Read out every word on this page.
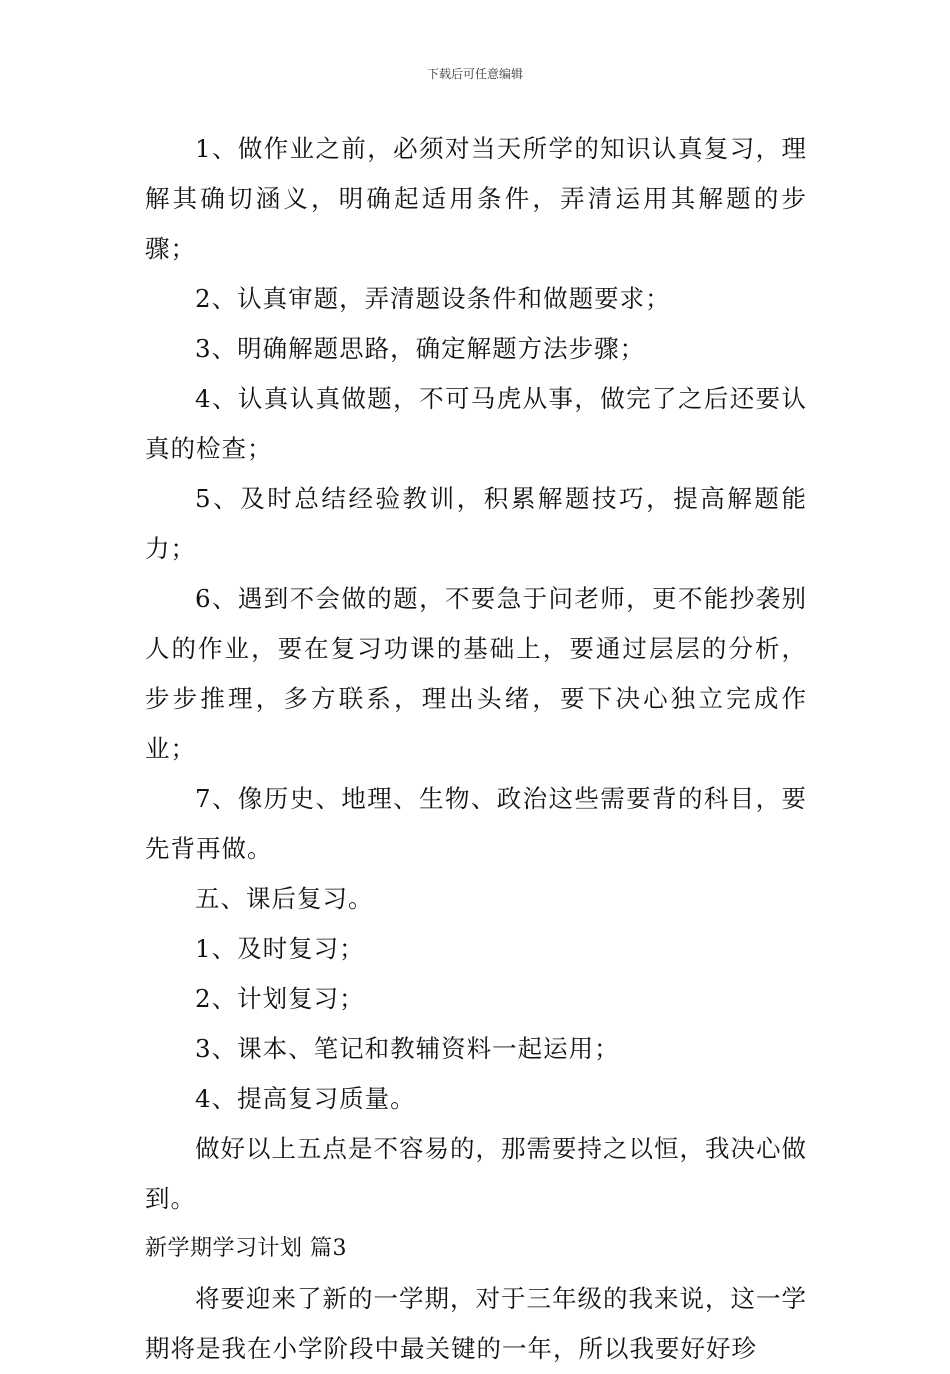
下载后可任意编辑

1、做作业之前，必须对当天所学的知识认真复习，理解其确切涵义，明确起适用条件，弄清运用其解题的步骤；

2、认真审题，弄清题设条件和做题要求；

3、明确解题思路，确定解题方法步骤；

4、认真认真做题，不可马虎从事，做完了之后还要认真的检查；

5、及时总结经验教训，积累解题技巧，提高解题能力；

6、遇到不会做的题，不要急于问老师，更不能抄袭别人的作业，要在复习功课的基础上，要通过层层的分析，步步推理，多方联系，理出头绪，要下决心独立完成作业；

7、像历史、地理、生物、政治这些需要背的科目，要先背再做。

五、课后复习。

1、及时复习；

2、计划复习；

3、课本、笔记和教辅资料一起运用；

4、提高复习质量。

做好以上五点是不容易的，那需要持之以恒，我决心做到。

新学期学习计划 篇3

将要迎来了新的一学期，对于三年级的我来说，这一学期将是我在小学阶段中最关键的一年，所以我要好好珍
